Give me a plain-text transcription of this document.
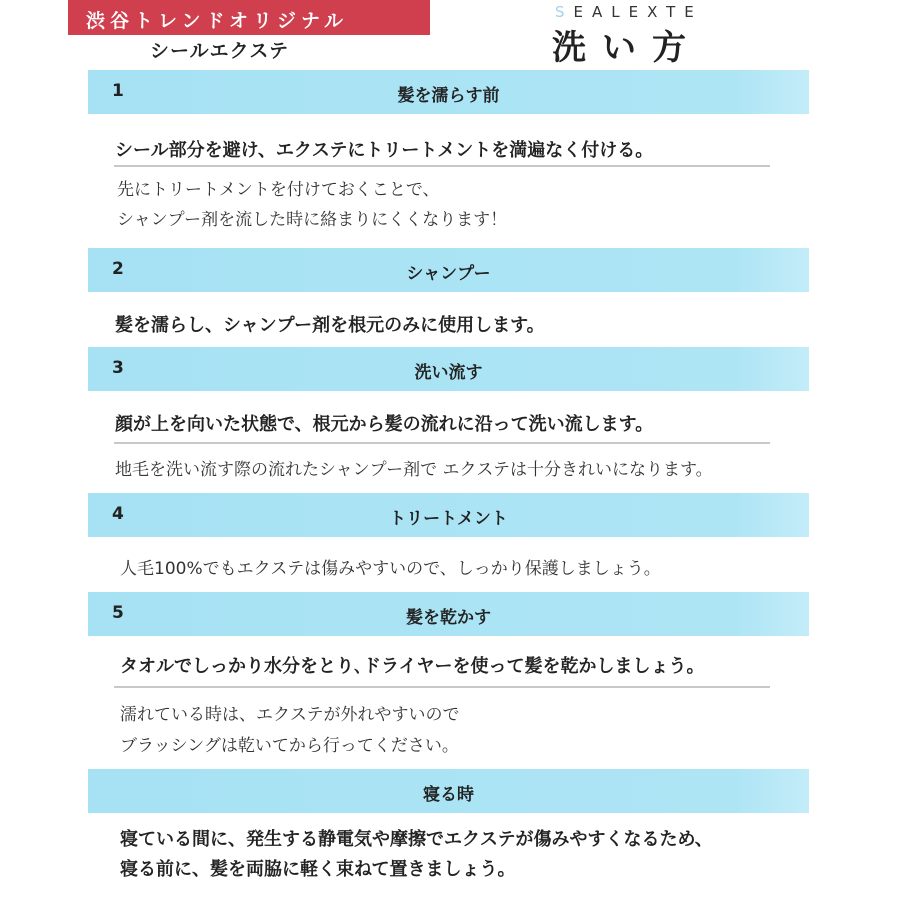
渋谷トレンドオリジナル
シールエクステ
SEALEXTE
洗い方
1	髪を濡らす前
シール部分を避け、エクステにトリートメントを満遍なく付ける。
先にトリートメントを付けておくことで、
シャンプー剤を流した時に絡まりにくくなります！
2	シャンプー
髪を濡らし、シャンプー剤を根元のみに使用します。
3	洗い流す
顔が上を向いた状態で、根元から髪の流れに沿って洗い流します。
地毛を洗い流す際の流れたシャンプー剤で エクステは十分きれいになります。
4	トリートメント
人毛100%でもエクステは傷みやすいので、しっかり保護しましょう。
5	髪を乾かす
タオルでしっかり水分をとり､ドライヤーを使って髪を乾かしましょう。
濡れている時は、エクステが外れやすいので
ブラッシングは乾いてから行ってください。
寝る時
寝ている間に、発生する静電気や摩擦でエクステが傷みやすくなるため、
寝る前に、髪を両脇に軽く束ねて置きましょう。
